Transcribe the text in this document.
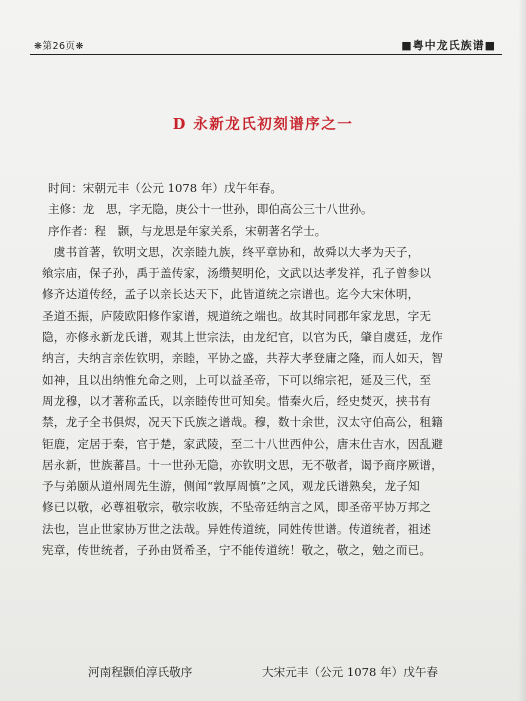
❋第26页❋	■粤中龙氏族谱■
D 永新龙氏初刻谱序之一
时间：宋朝元丰（公元 1078 年）戊午年春。
主修：龙　思，字无隐，庚公十一世孙，即伯高公三十八世孙。
序作者：程　颢，与龙思是年家关系，宋朝著名学士。
　虞书首著，钦明文思，次亲睦九族，终平章协和，故舜以大孝为天子，
飨宗庙，保子孙，禹于盖传家，汤缵契明伦，文武以达孝发祥，孔子曾参以
修齐达道传经，孟子以亲长达天下，此皆道统之宗谱也。迄今大宋休明，
圣道丕振，庐陵欧阳修作家谱，规道统之端也。故其时同郡年家龙思，字无
隐，亦修永新龙氏谱，观其上世宗法，由龙纪官，以官为氏，肇自虞廷，龙作
纳言，夫纳言亲佐钦明，亲睦，平协之盛，共荐大孝登庸之隆，而人如天，智
如神，且以出纳惟允命之则，上可以益圣帝，下可以绵宗祀，延及三代，至
周龙穆，以才著称孟氏，以亲睦传世可知矣。惜秦火后，经史焚灭，挟书有
禁，龙子全书俱烬，况天下氏族之谱哉。穆，数十余世，汉太守伯高公，租籍
钜鹿，定居于秦，官于楚，家武陵，至二十八世西仲公，唐末仕吉水，因乱避
居永新，世族蕃昌。十一世孙无隐，亦钦明文思，无不敬者，谒予商序厥谱，
予与弟颐从道州周先生游，侧闻“敦厚周慎”之风，观龙氏谱熟矣，龙子知
修已以敬，必尊祖敬宗，敬宗收族，不坠帝廷纳言之风，即圣帝平协万邦之
法也，岂止世家协万世之法哉。异姓传道统，同姓传世谱。传道统者，祖述
宪章，传世统者，子孙由贤希圣，宁不能传道统！敬之，敬之，勉之而已。
河南程颢伯淳氏敬序	大宋元丰（公元 1078 年）戊午春
